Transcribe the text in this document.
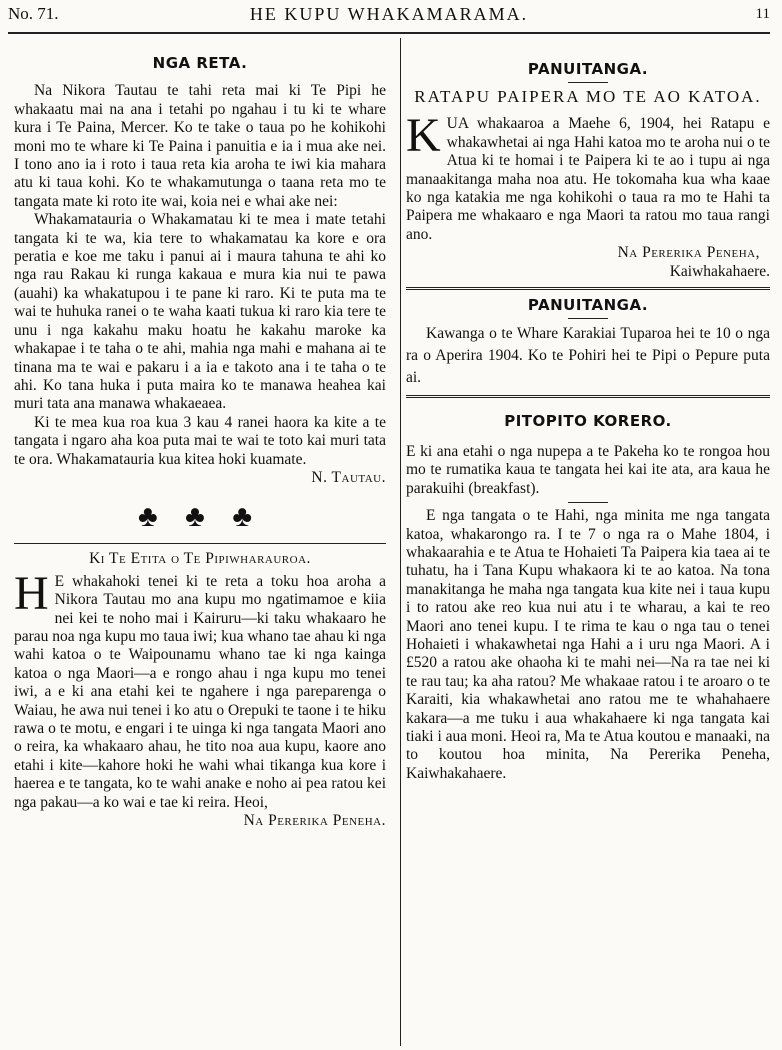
No. 71.	HE KUPU WHAKAMARAMA.	11
NGA RETA.

Na Nikora Tautau te tahi reta mai ki Te Pipi he whakaatu mai na ana i tetahi po ngahau i tu ki te whare kura i Te Paina, Mercer. Ko te take o taua po he kohikohi moni mo te whare ki Te Paina i panuitia e ia i mua ake nei. I tono ano ia i roto i taua reta kia aroha te iwi kia mahara atu ki taua kohi. Ko te whakamutunga o taana reta mo te tangata mate ki roto ite wai, koia nei e whai ake nei:

Whakamatauria o Whakamatau ki te mea i mate tetahi tangata ki te wa, kia tere to whakamatau ka kore e ora peratia e koe me taku i panui ai i maura tahuna te ahi ko nga rau Rakau ki runga kakaua e mura kia nui te pawa (auahi) ka whakatupou i te pane ki raro. Ki te puta ma te wai te huhuka ranei o te waha kaati tukua ki raro kia tere te unu i nga kakahu maku hoatu he kakahu maroke ka whakapae i te taha o te ahi, mahia nga mahi e mahana ai te tinana ma te wai e pakaru i a ia e takoto ana i te taha o te ahi. Ko tana huka i puta maira ko te manawa heahea kai muri tata ana manawa whakaeaea.

Ki te mea kua roa kua 3 kau 4 ranei haora ka kite a te tangata i ngaro aha koa puta mai te wai te toto kai muri tata te ora. Whakamatauria kua kitea hoki kuamate.

N. Tautau.
♣ ♣ ♣
Ki Te Etita o Te Pipiwharauroa.

H E whakahoki tenei ki te reta a toku hoa aroha a Nikora Tautau mo ana kupu mo ngatimamoe e kiia nei kei te noho mai i Kairuru—ki taku whakaaro he parau noa nga kupu mo taua iwi; kua whano tae ahau ki nga wahi katoa o te Waipounamu whano tae ki nga kainga katoa o nga Maori—a e rongo ahau i nga kupu mo tenei iwi, a e ki ana etahi kei te ngahere i nga pareparenga o Waiau, he awa nui tenei i ko atu o Orepuki te taone i te hiku rawa o te motu, e engari i te uinga ki nga tangata Maori ano o reira, ka whakaaro ahau, he tito noa aua kupu, kaore ano etahi i kite—kahore hoki he wahi whai tikanga kua kore i haerea e te tangata, ko te wahi anake e noho ai pea ratou kei nga pakau—a ko wai e tae ki reira. Heoi,

Na Pererika Peneha.
PANUITANGA.
RATAPU PAIPERA MO TE AO KATOA.

KUA whakaaroa a Maehe 6, 1904, hei Ratapu e whakawhetai ai nga Hahi katoa mo te aroha nui o te Atua ki te homai i te Paipera ki te ao i tupu ai nga manaakitanga maha noa atu. He tokomaha kua wha kaae ko nga katakia me nga kohikohi o taua ra mo te Hahi ta Paipera me whakaaro e nga Maori ta ratou mo taua rangi ano.

Na Pererika Peneha,
Kaiwhakahaere.
PANUITANGA.

Kawanga o te Whare Karakiai Tuparoa hei te 10 o nga ra o Aperira 1904. Ko te Pohiri hei te Pipi o Pepure puta ai.

PITOPITO KORERO.

E ki ana etahi o nga nupepa a te Pakeha ko te rongoa hou mo te rumatika kaua te tangata hei kai ite ata, ara kaua he parakuihi (breakfast).

E nga tangata o te Hahi, nga minita me nga tangata katoa, whakarongo ra. I te 7 o nga ra o Mahe 1804, i whakaarahia e te Atua te Hohaieti Ta Paipera kia taea ai te tuhatu, ha i Tana Kupu whakaora ki te ao katoa. Na tona manakitanga he maha nga tangata kua kite nei i taua kupu i to ratou ake reo kua nui atu i te wharau, a kai te reo Maori ano tenei kupu. I te rima te kau o nga tau o tenei Hohaieti i whakawhetai nga Hahi a i uru nga Maori. A i £520 a ratou ake ohaoha ki te mahi nei—Na ra tae nei ki te rau tau; ka aha ratou? Me whakaae ratou i te aroaro o te Karaiti, kia whakawhetai ano ratou me te whahahaere kakara—a me tuku i aua whakahaere ki nga tangata kai tiaki i aua moni. Heoi ra, Ma te Atua koutou e manaaki, na to koutou hoa minita, Na Pererika Peneha, Kaiwhakahaere.
